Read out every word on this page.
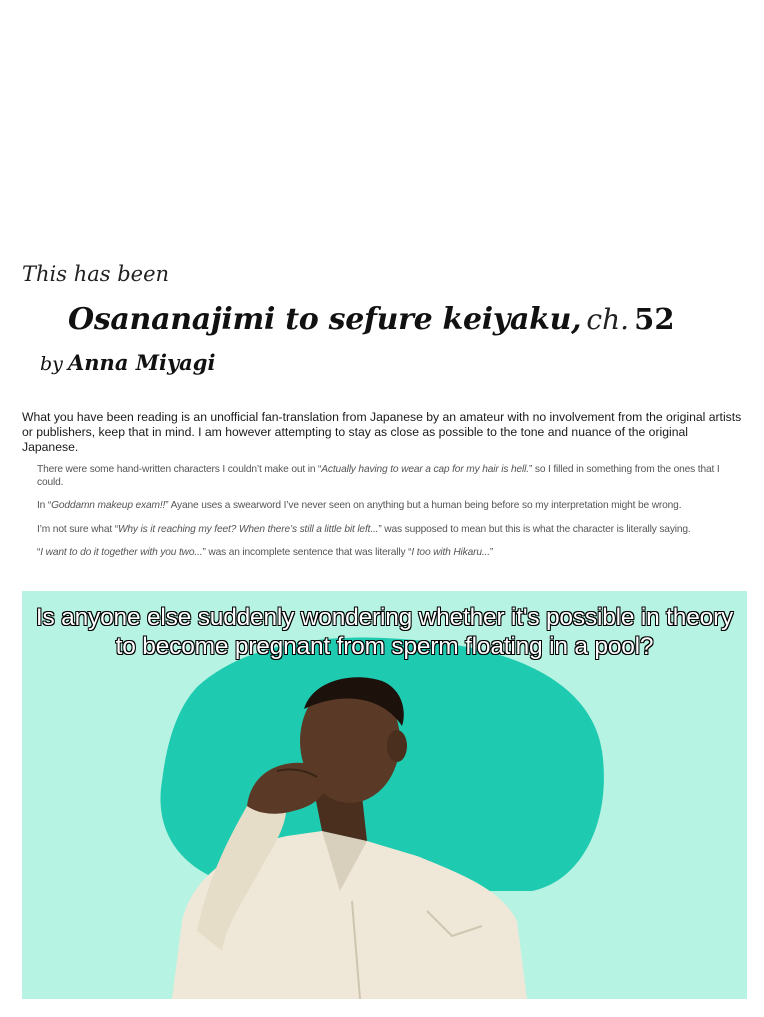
This has been
Osananajimi to sefure keiyaku, ch. 52
by Anna Miyagi
What you have been reading is an unofficial fan-translation from Japanese by an amateur with no involvement from the original artists or publishers, keep that in mind. I am however attempting to stay as close as possible to the tone and nuance of the original Japanese.

There were some hand-written characters I couldn’t make out in “Actually having to wear a cap for my hair is hell.” so I filled in something from the ones that I could.

In “Goddamn makeup exam!!” Ayane uses a swearword I’ve never seen on anything but a human being before so my interpretation might be wrong.

I’m not sure what “Why is it reaching my feet? When there’s still a little bit left...” was supposed to mean but this is what the character is literally saying.

“I want to do it together with you two...” was an incomplete sentence that was literally “I too with Hikaru...”

Is anyone else suddenly wondering whether it's possible in theory to become pregnant from sperm floating in a pool?
